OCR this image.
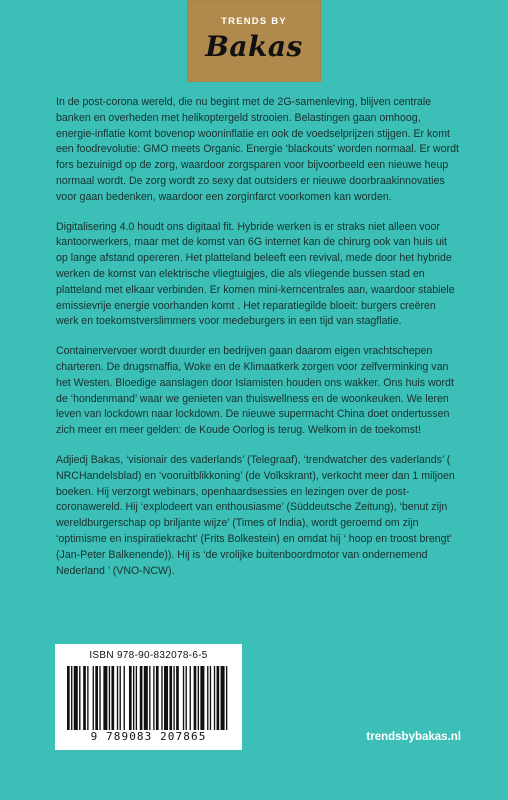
TRENDS BY
Bakas

In de post-corona wereld, die nu begint met de 2G-samenleving, blijven centrale banken en overheden met helikoptergeld strooien. Belastingen gaan omhoog, energie-inflatie komt bovenop wooninflatie en ook de voedselprijzen stijgen. Er komt een foodrevolutie: GMO meets Organic. Energie ‘blackouts’ worden normaal. Er wordt fors bezuinigd op de zorg, waardoor zorgsparen voor bijvoorbeeld een nieuwe heup normaal wordt. De zorg wordt zo sexy dat outsiders er nieuwe doorbraakinnovaties voor gaan bedenken, waardoor een zorginfarct voorkomen kan worden.

Digitalisering 4.0 houdt ons digitaal fit. Hybride werken is er straks niet alleen voor kantoorwerkers, maar met de komst van 6G internet kan de chirurg ook van huis uit op lange afstand opereren. Het platteland beleeft een revival, mede door het hybride werken de komst van elektrische vliegtuigjes, die als vliegende bussen stad en platteland met elkaar verbinden. Er komen mini-kerncentrales aan, waardoor stabiele emissievrije energie voorhanden komt . Het reparatiegilde bloeit: burgers creëren werk en toekomstverslimmers voor medeburgers in een tijd van stagflatie.

Containervervoer wordt duurder en bedrijven gaan daarom eigen vrachtschepen charteren. De drugsmaffia, Woke en de Klimaatkerk zorgen voor zelfverminking van het Westen. Bloedige aanslagen door Islamisten houden ons wakker. Ons huis wordt de ‘hondenmand’ waar we genieten van thuiswellness en de woonkeuken. We leren leven van lockdown naar lockdown. De nieuwe supermacht China doet ondertussen zich meer en meer gelden: de Koude Oorlog is terug. Welkom in de toekomst!

Adjiedj Bakas, ‘visionair des vaderlands’ (Telegraaf), ‘trendwatcher des vaderlands’ ( NRCHandelsblad) en ‘vooruitblikkoning’ (de Volkskrant), verkocht meer dan 1 miljoen boeken. Hij verzorgt webinars, openhaardsessies en lezingen over de post-coronawereld. Hij ‘explodeert van enthousiasme’ (Süddeutsche Zeitung), ‘benut zijn wereldburgerschap op briljante wijze’ (Times of India), wordt geroemd om zijn ‘optimisme en inspiratiekracht’ (Frits Bolkestein) en omdat hij ‘ hoop en troost brengt’ (Jan-Peter Balkenende)). Hij is ‘de vrolijke buitenboordmotor van ondernemend Nederland ’ (VNO-NCW).

ISBN 978-90-832078-6-5
9 789083 207865	trendsbybakas.nl
